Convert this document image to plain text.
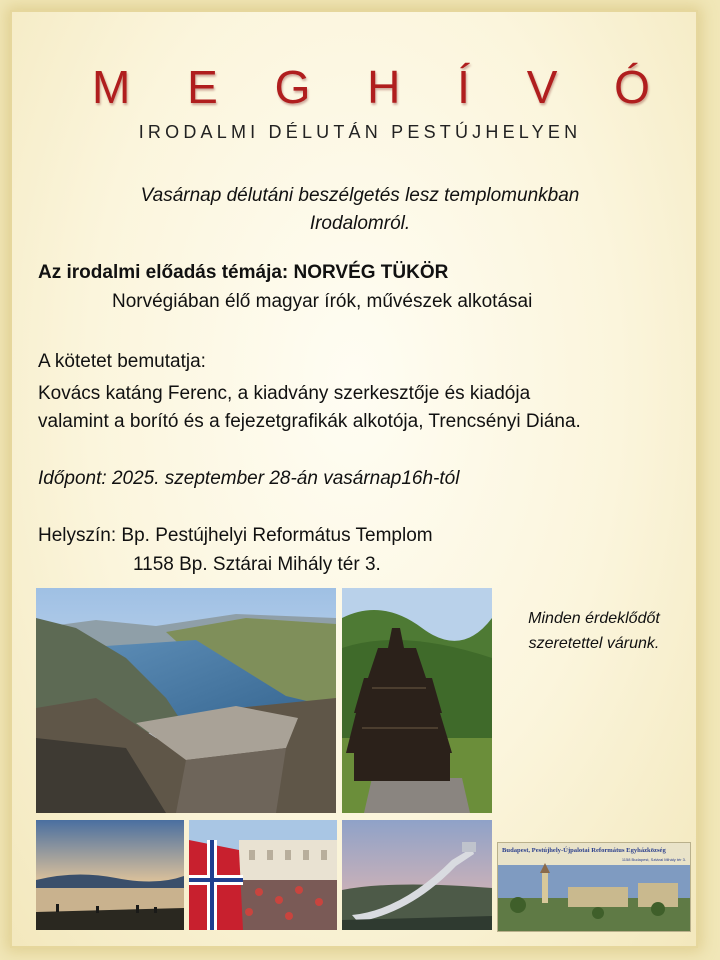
M E G H Í V Ó
IRODALMI DÉLUTÁN PESTÚJHELYEN
Vasárnap délutáni beszélgetés lesz templomunkban
Irodalomról.
Az irodalmi előadás témája: NORVÉG TÜKÖR
Norvégiában élő magyar írók, művészek alkotásai
A kötetet bemutatja:
Kovács katáng Ferenc, a kiadvány szerkesztője és kiadója
valamint a borító és a fejezetgrafikák alkotója, Trencsényi Diána.
Időpont: 2025. szeptember 28-án vasárnap16h-tól
Helyszín: Bp. Pestújhelyi Református Templom
1158 Bp. Sztárai Mihály tér 3.
Minden érdeklődőt
szeretettel várunk.
Budapest, Pestújhely-Újpalotai Református Egyházközség
1158 Budapest, Sztárai Mihály tér 3.
